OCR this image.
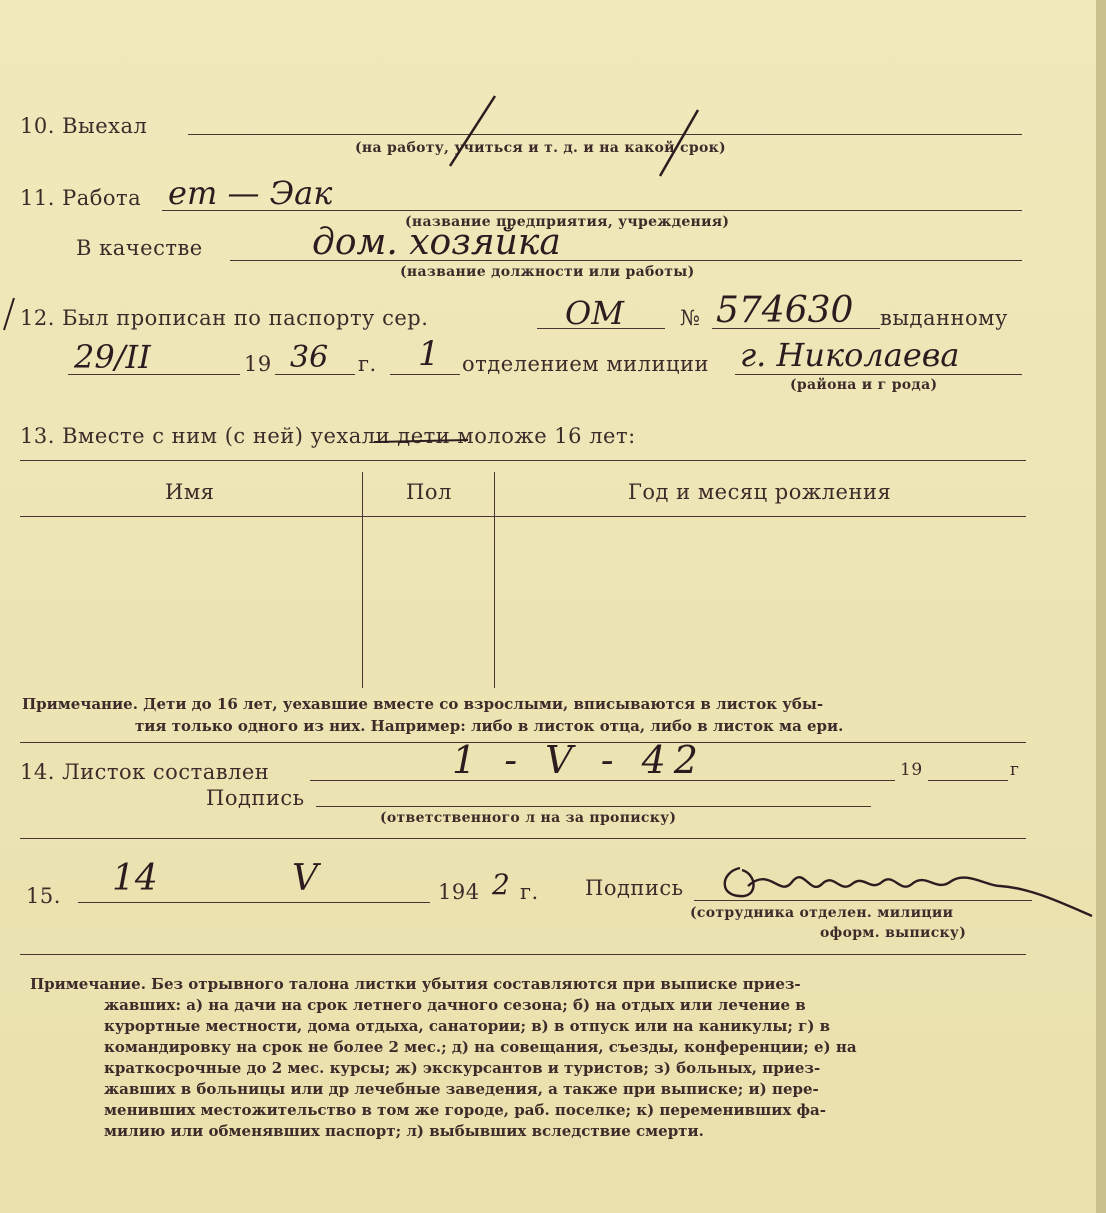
10. Выехал
(на работу, учиться и т. д. и на какой срок)
11. Работа ет — Эак
(название предприятия, учреждения)
В качестве	дом. хозяйка
(название должности или работы)
12. Был прописан по паспорту сер.	ОМ	№ 574630 выданному
29/II	19 36 г. 1 отделением милиции г. Николаева
(района и г рода)
13. Вместе с ним (с ней) уехали дети моложе 16 лет:
Имя	Пол	Год и месяц рожления
Примечание. Дети до 16 лет, уехавшие вместе со взрослыми, вписываются в листок убы-
тия только одного из них. Например: либо в листок отца, либо в листок ма ери.
14. Листок составлен	1 - V - 42	19	г
Подпись
(ответственного л на за прописку)
15. 14	V	194 2 г. Подпись
(сотрудника отделен. милиции
оформ. выписку)
Примечание. Без отрывного талона листки убытия составляются при выписке приез-
жавших: а) на дачи на срок летнего дачного сезона; б) на отдых или лечение в
курортные местности, дома отдыха, санатории; в) в отпуск или на каникулы; г) в
командировку на срок не более 2 мес.; д) на совещания, съезды, конференции; е) на
краткосрочные до 2 мес. курсы; ж) экскурсантов и туристов; з) больных, приез-
жавших в больницы или др лечебные заведения, а также при выписке; и) пере-
менивших местожительство в том же городе, раб. поселке; к) переменивших фа-
милию или обменявших паспорт; л) выбывших вследствие смерти.
